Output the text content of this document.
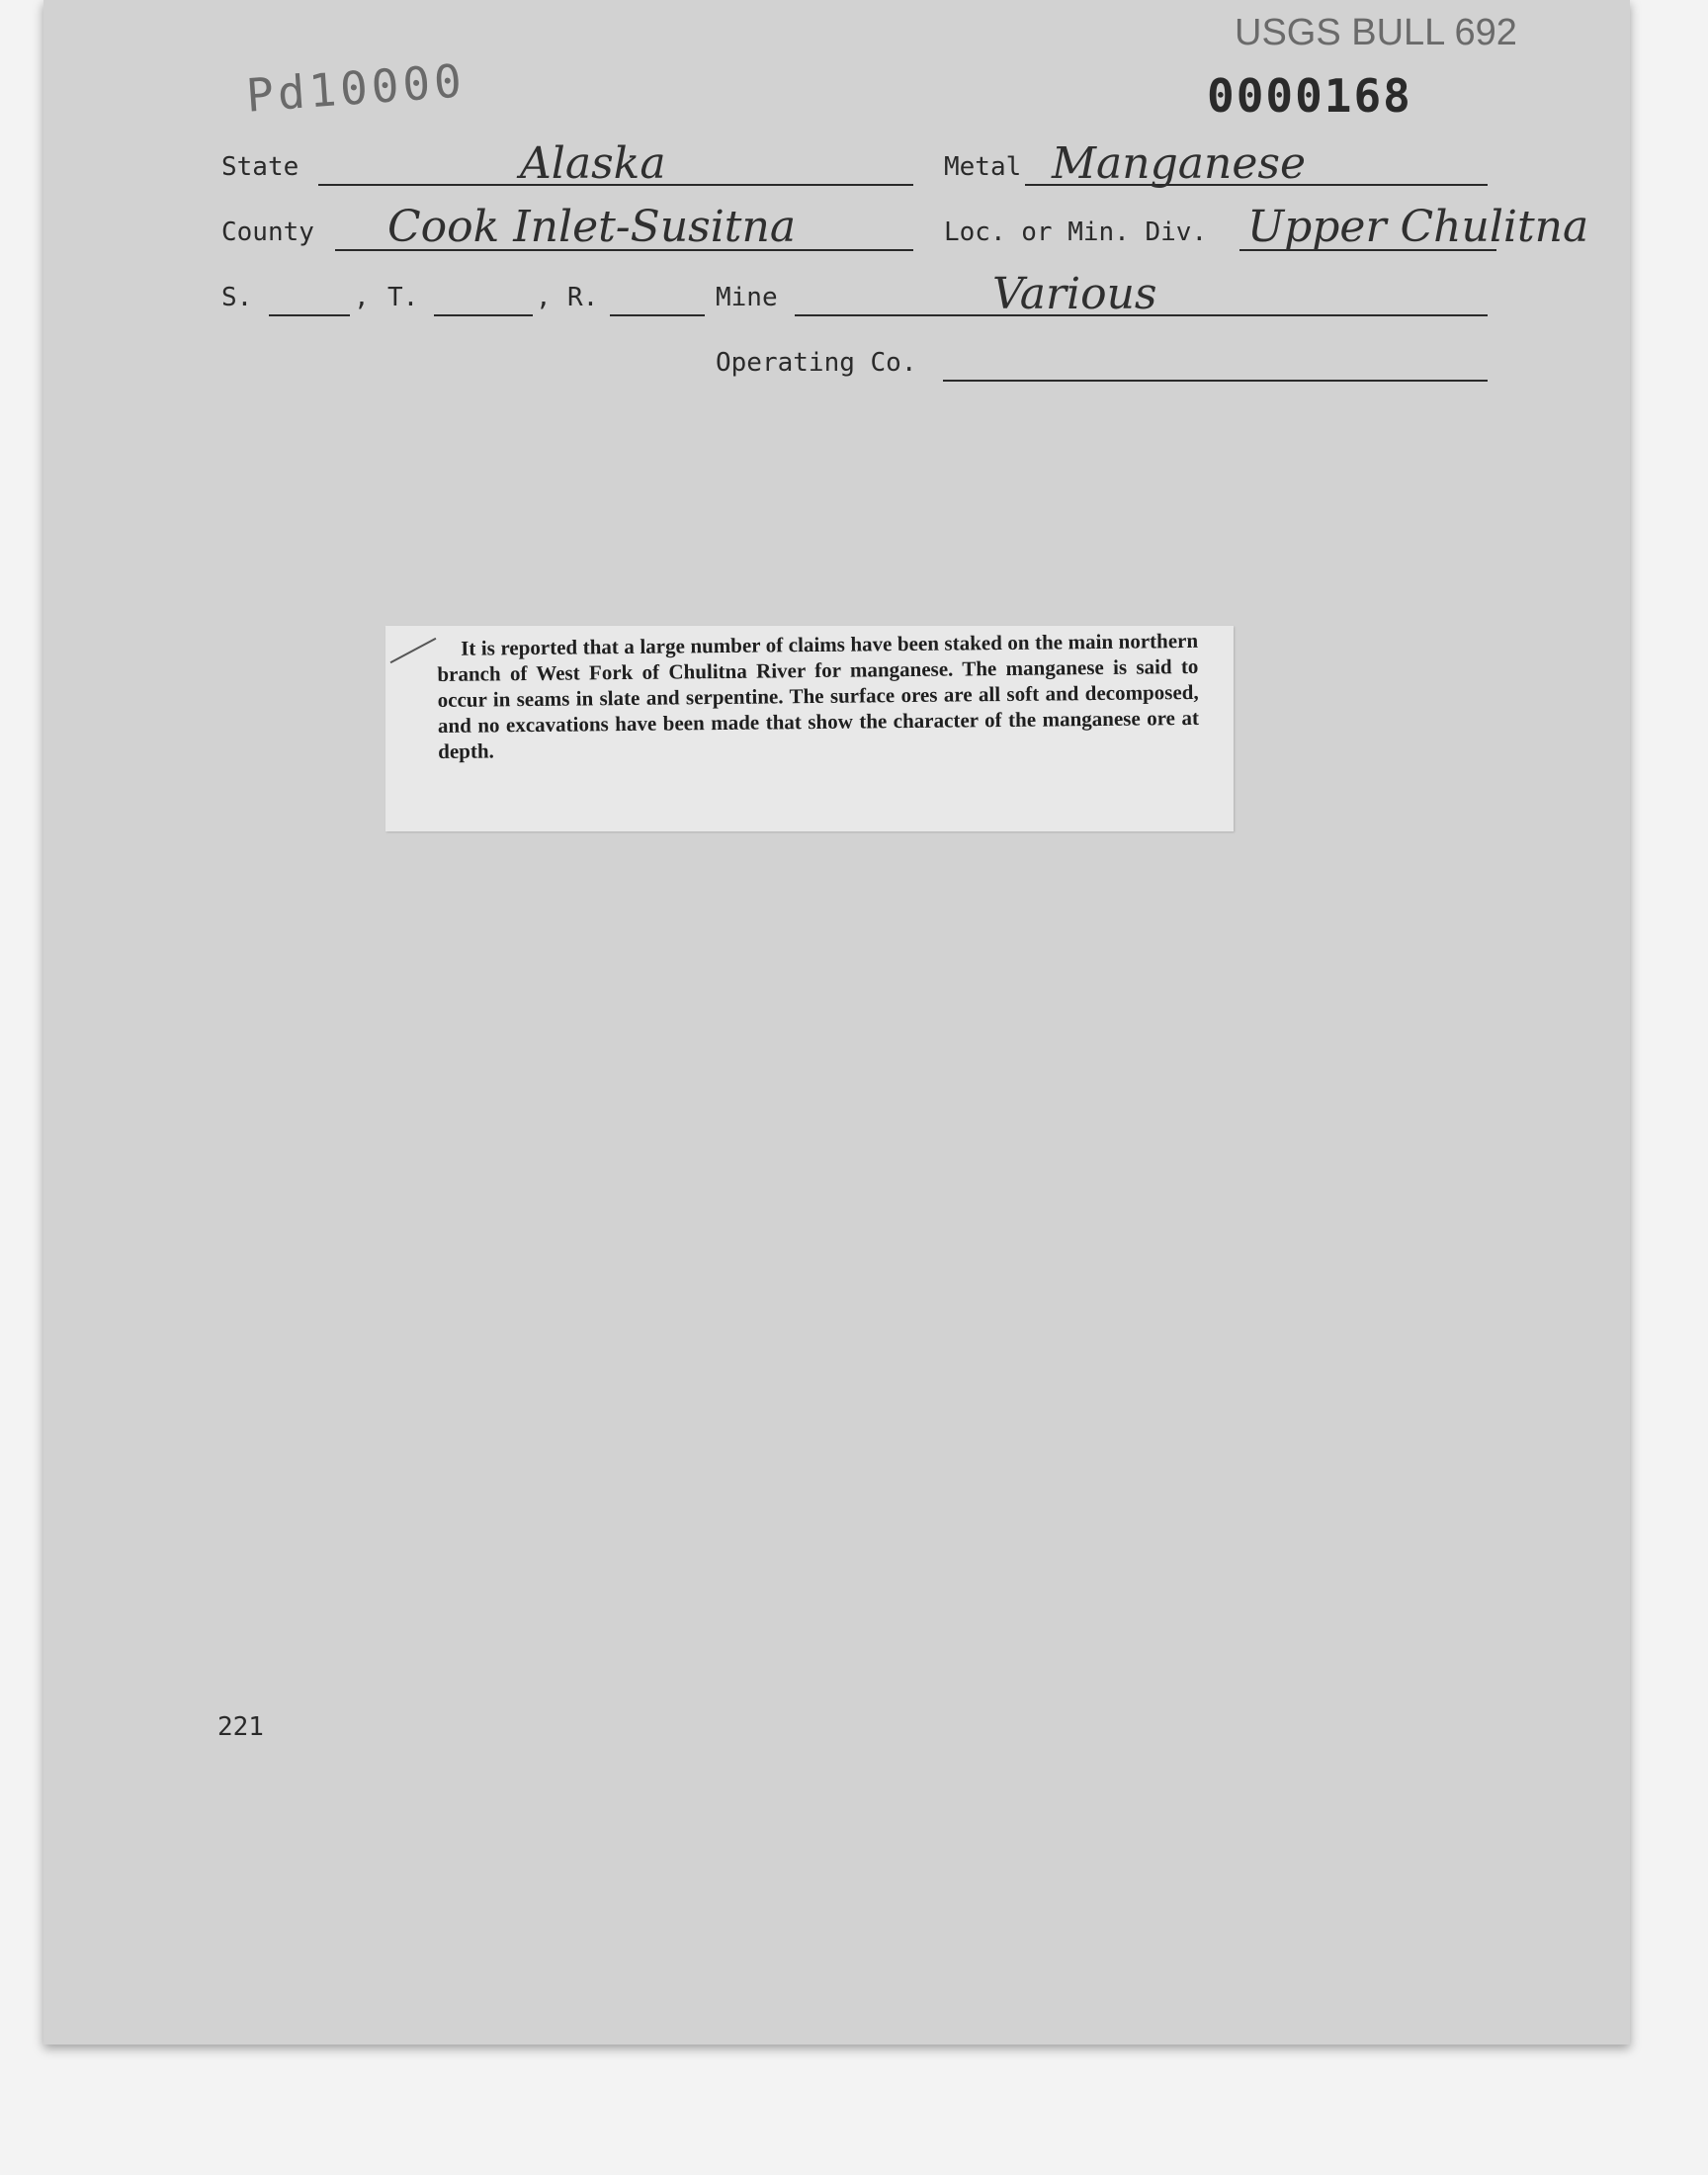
Pd10000
USGS BULL 692
0000168
State	Alaska	Metal Manganese
County Cook Inlet-Susitna	Loc. or Min. Div. Upper Chulitna
S.	, T.	, R.	Mine	Various
Operating Co.
It is reported that a large number of claims have been staked on the main northern branch of West Fork of Chulitna River for manganese. The manganese is said to occur in seams in slate and serpentine. The surface ores are all soft and decomposed, and no excavations have been made that show the character of the manganese ore at depth.
221
